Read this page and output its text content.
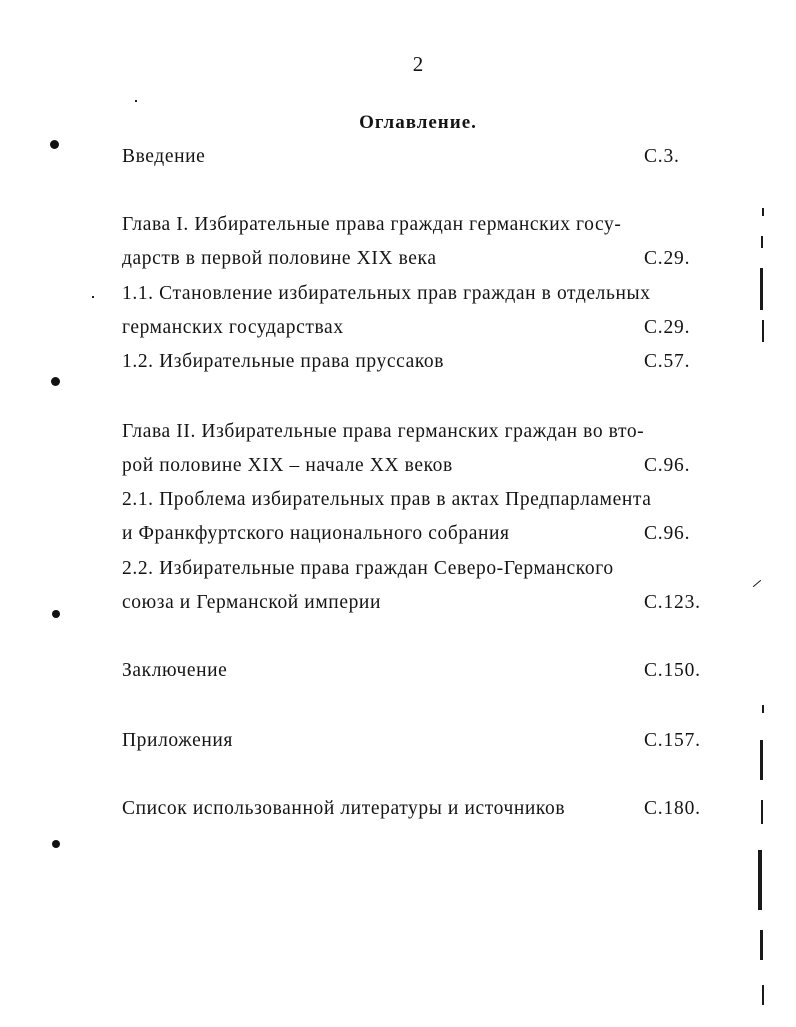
2
Оглавление.
Введение	С.3.
Глава I. Избирательные права граждан германских госу-
дарств в первой половине XIX века	С.29.
1.1. Становление избирательных прав граждан в отдельных
германских государствах	С.29.
1.2. Избирательные права пруссаков	С.57.
Глава II. Избирательные права германских граждан во вто-
рой половине XIX – начале XX веков	С.96.
2.1. Проблема избирательных прав в актах Предпарламента
и Франкфуртского национального собрания	С.96.
2.2. Избирательные права граждан Северо-Германского
союза и Германской империи	С.123.
Заключение	С.150.
Приложения	С.157.
Список использованной литературы и источников	С.180.
